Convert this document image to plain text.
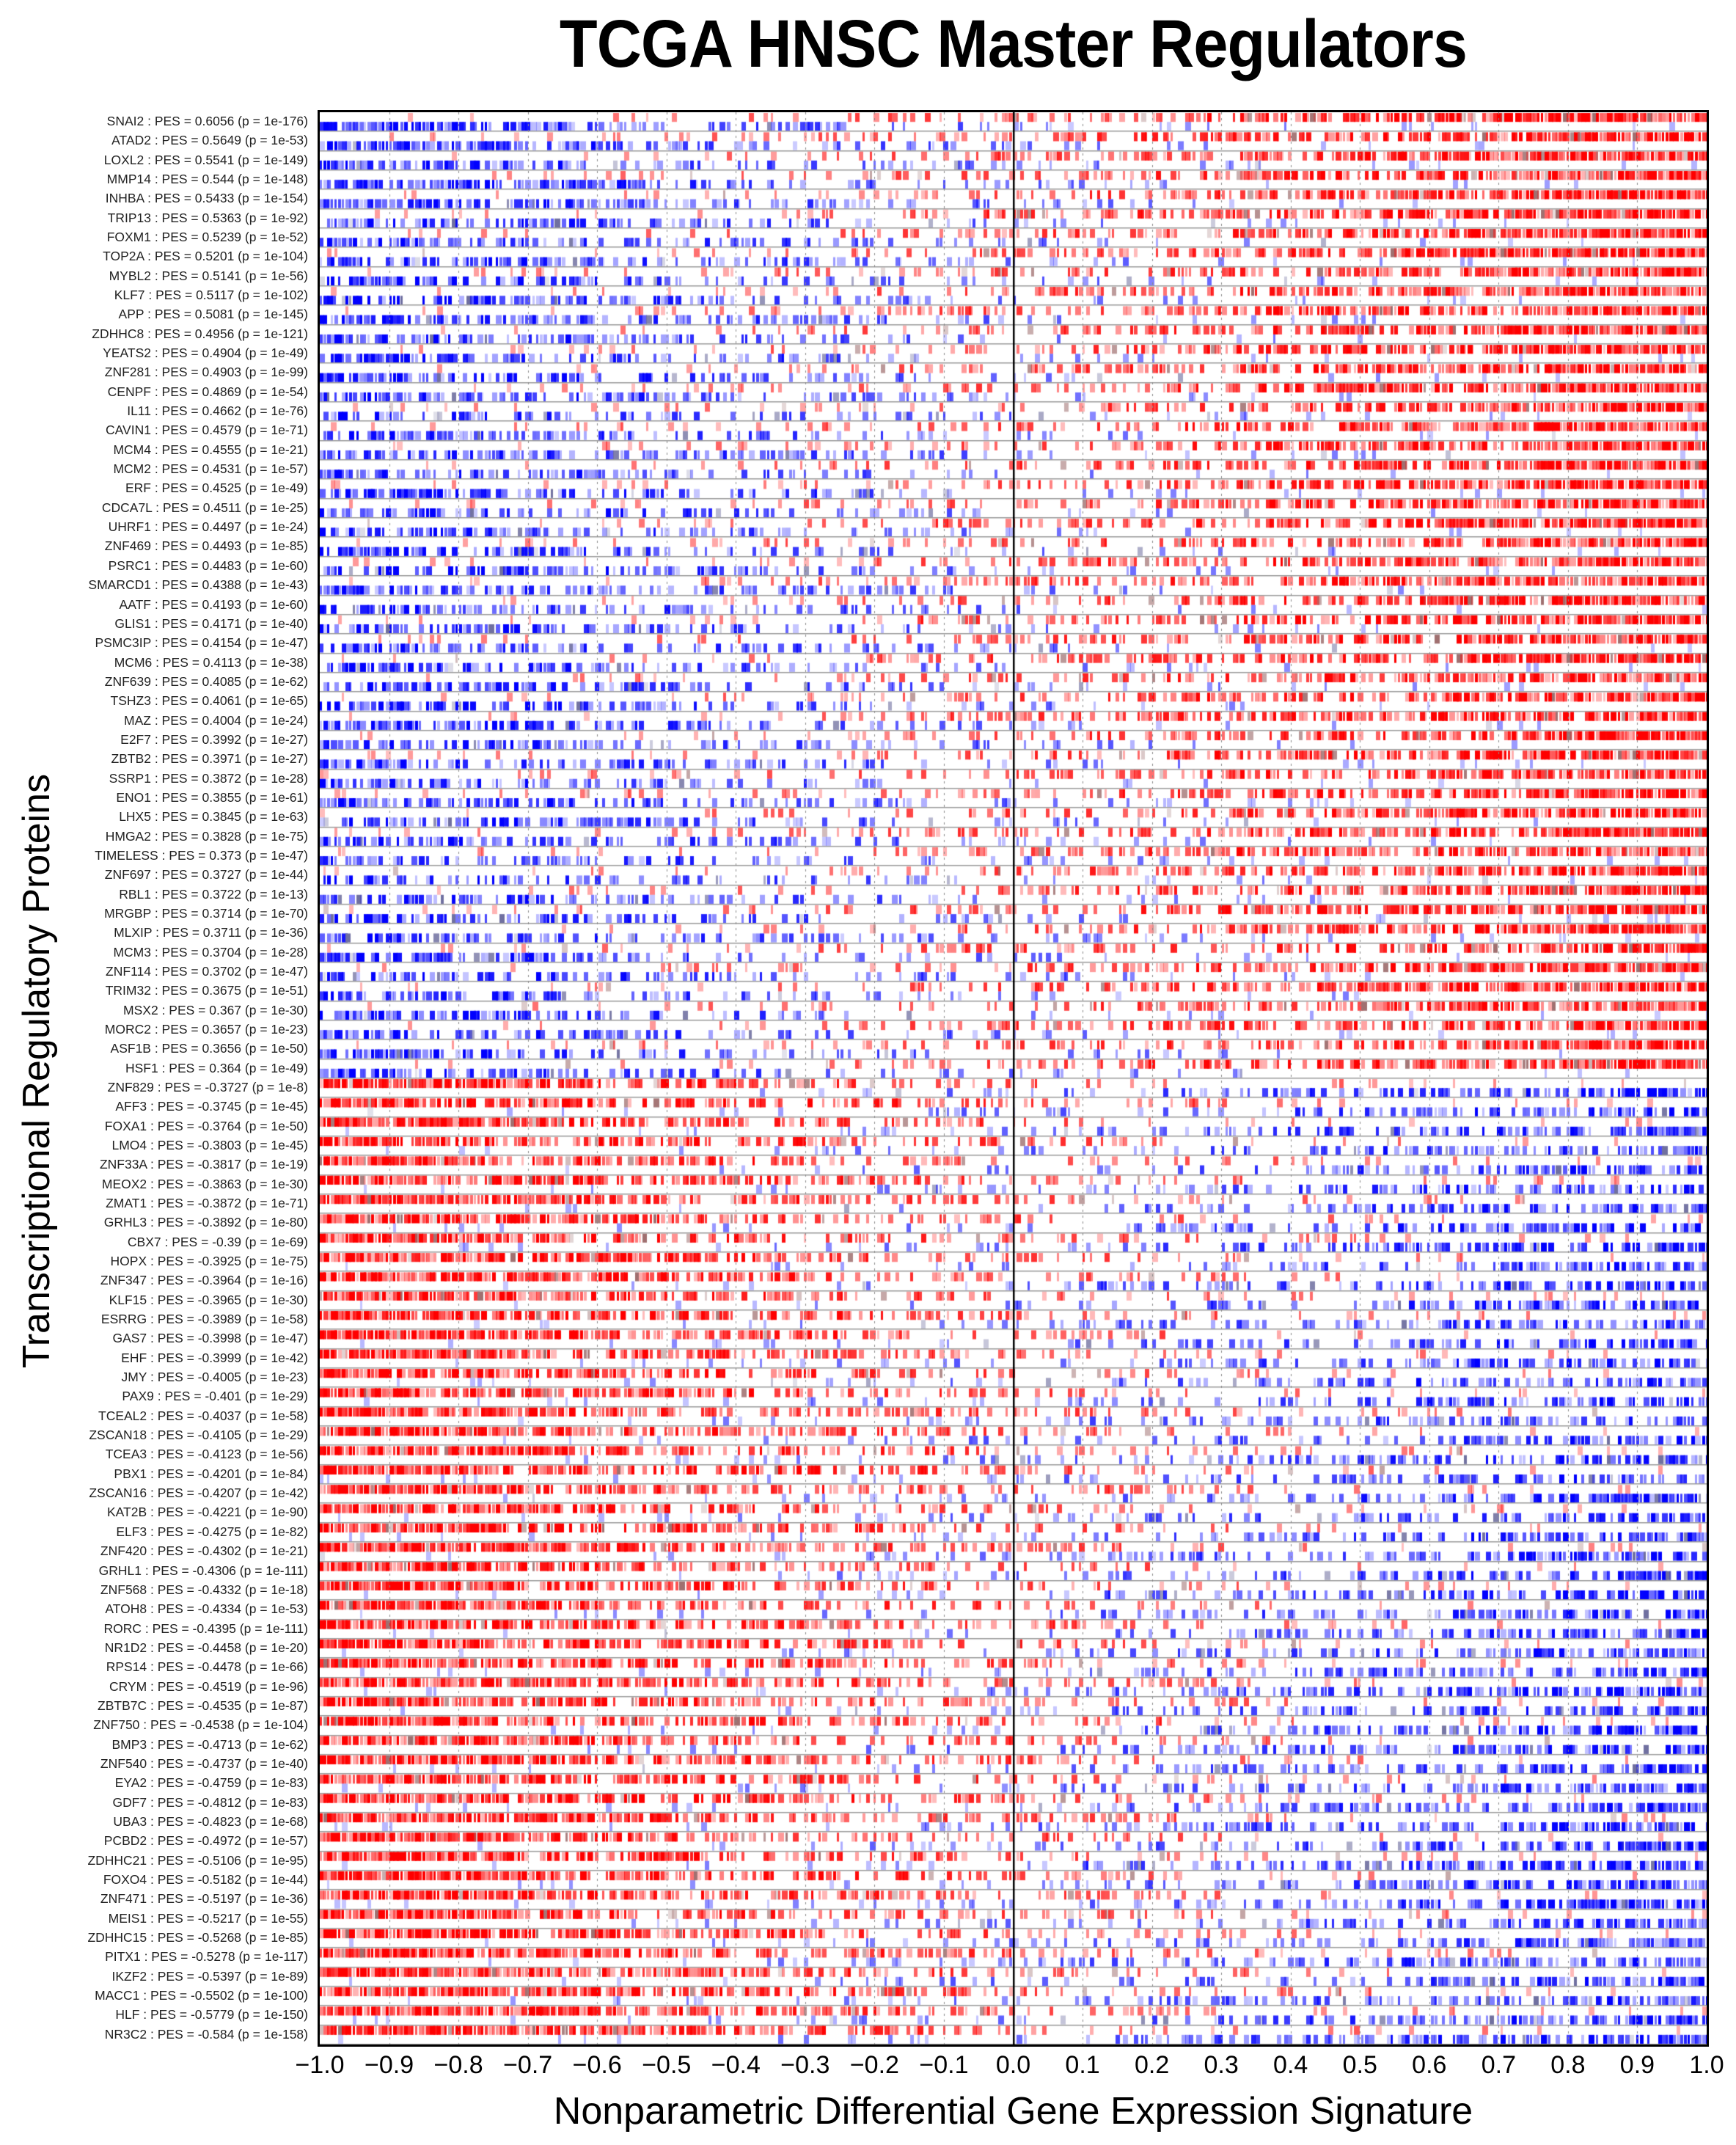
TCGA HNSC Master Regulators
Transcriptional Regulatory Proteins
SNAI2 : PES = 0.6056 (p = 1e-176)
ATAD2 : PES = 0.5649 (p = 1e-53)
LOXL2 : PES = 0.5541 (p = 1e-149)
MMP14 : PES = 0.544 (p = 1e-148)
INHBA : PES = 0.5433 (p = 1e-154)
TRIP13 : PES = 0.5363 (p = 1e-92)
FOXM1 : PES = 0.5239 (p = 1e-52)
TOP2A : PES = 0.5201 (p = 1e-104)
MYBL2 : PES = 0.5141 (p = 1e-56)
KLF7 : PES = 0.5117 (p = 1e-102)
APP : PES = 0.5081 (p = 1e-145)
ZDHHC8 : PES = 0.4956 (p = 1e-121)
YEATS2 : PES = 0.4904 (p = 1e-49)
ZNF281 : PES = 0.4903 (p = 1e-99)
CENPF : PES = 0.4869 (p = 1e-54)
IL11 : PES = 0.4662 (p = 1e-76)
CAVIN1 : PES = 0.4579 (p = 1e-71)
MCM4 : PES = 0.4555 (p = 1e-21)
MCM2 : PES = 0.4531 (p = 1e-57)
ERF : PES = 0.4525 (p = 1e-49)
CDCA7L : PES = 0.4511 (p = 1e-25)
UHRF1 : PES = 0.4497 (p = 1e-24)
ZNF469 : PES = 0.4493 (p = 1e-85)
PSRC1 : PES = 0.4483 (p = 1e-60)
SMARCD1 : PES = 0.4388 (p = 1e-43)
AATF : PES = 0.4193 (p = 1e-60)
GLIS1 : PES = 0.4171 (p = 1e-40)
PSMC3IP : PES = 0.4154 (p = 1e-47)
MCM6 : PES = 0.4113 (p = 1e-38)
ZNF639 : PES = 0.4085 (p = 1e-62)
TSHZ3 : PES = 0.4061 (p = 1e-65)
MAZ : PES = 0.4004 (p = 1e-24)
E2F7 : PES = 0.3992 (p = 1e-27)
ZBTB2 : PES = 0.3971 (p = 1e-27)
SSRP1 : PES = 0.3872 (p = 1e-28)
ENO1 : PES = 0.3855 (p = 1e-61)
LHX5 : PES = 0.3845 (p = 1e-63)
HMGA2 : PES = 0.3828 (p = 1e-75)
TIMELESS : PES = 0.373 (p = 1e-47)
ZNF697 : PES = 0.3727 (p = 1e-44)
RBL1 : PES = 0.3722 (p = 1e-13)
MRGBP : PES = 0.3714 (p = 1e-70)
MLXIP : PES = 0.3711 (p = 1e-36)
MCM3 : PES = 0.3704 (p = 1e-28)
ZNF114 : PES = 0.3702 (p = 1e-47)
TRIM32 : PES = 0.3675 (p = 1e-51)
MSX2 : PES = 0.367 (p = 1e-30)
MORC2 : PES = 0.3657 (p = 1e-23)
ASF1B : PES = 0.3656 (p = 1e-50)
HSF1 : PES = 0.364 (p = 1e-49)
ZNF829 : PES = -0.3727 (p = 1e-8)
AFF3 : PES = -0.3745 (p = 1e-45)
FOXA1 : PES = -0.3764 (p = 1e-50)
LMO4 : PES = -0.3803 (p = 1e-45)
ZNF33A : PES = -0.3817 (p = 1e-19)
MEOX2 : PES = -0.3863 (p = 1e-30)
ZMAT1 : PES = -0.3872 (p = 1e-71)
GRHL3 : PES = -0.3892 (p = 1e-80)
CBX7 : PES = -0.39 (p = 1e-69)
HOPX : PES = -0.3925 (p = 1e-75)
ZNF347 : PES = -0.3964 (p = 1e-16)
KLF15 : PES = -0.3965 (p = 1e-30)
ESRRG : PES = -0.3989 (p = 1e-58)
GAS7 : PES = -0.3998 (p = 1e-47)
EHF : PES = -0.3999 (p = 1e-42)
JMY : PES = -0.4005 (p = 1e-23)
PAX9 : PES = -0.401 (p = 1e-29)
TCEAL2 : PES = -0.4037 (p = 1e-58)
ZSCAN18 : PES = -0.4105 (p = 1e-29)
TCEA3 : PES = -0.4123 (p = 1e-56)
PBX1 : PES = -0.4201 (p = 1e-84)
ZSCAN16 : PES = -0.4207 (p = 1e-42)
KAT2B : PES = -0.4221 (p = 1e-90)
ELF3 : PES = -0.4275 (p = 1e-82)
ZNF420 : PES = -0.4302 (p = 1e-21)
GRHL1 : PES = -0.4306 (p = 1e-111)
ZNF568 : PES = -0.4332 (p = 1e-18)
ATOH8 : PES = -0.4334 (p = 1e-53)
RORC : PES = -0.4395 (p = 1e-111)
NR1D2 : PES = -0.4458 (p = 1e-20)
RPS14 : PES = -0.4478 (p = 1e-66)
CRYM : PES = -0.4519 (p = 1e-96)
ZBTB7C : PES = -0.4535 (p = 1e-87)
ZNF750 : PES = -0.4538 (p = 1e-104)
BMP3 : PES = -0.4713 (p = 1e-62)
ZNF540 : PES = -0.4737 (p = 1e-40)
EYA2 : PES = -0.4759 (p = 1e-83)
GDF7 : PES = -0.4812 (p = 1e-83)
UBA3 : PES = -0.4823 (p = 1e-68)
PCBD2 : PES = -0.4972 (p = 1e-57)
ZDHHC21 : PES = -0.5106 (p = 1e-95)
FOXO4 : PES = -0.5182 (p = 1e-44)
ZNF471 : PES = -0.5197 (p = 1e-36)
MEIS1 : PES = -0.5217 (p = 1e-55)
ZDHHC15 : PES = -0.5268 (p = 1e-85)
PITX1 : PES = -0.5278 (p = 1e-117)
IKZF2 : PES = -0.5397 (p = 1e-89)
MACC1 : PES = -0.5502 (p = 1e-100)
HLF : PES = -0.5779 (p = 1e-150)
NR3C2 : PES = -0.584 (p = 1e-158)
−1.0 −0.9 −0.8 −0.7 −0.6 −0.5 −0.4 −0.3 −0.2 −0.1 0.0 0.1 0.2 0.3 0.4 0.5 0.6 0.7 0.8 0.9 1.0
Nonparametric Differential Gene Expression Signature
